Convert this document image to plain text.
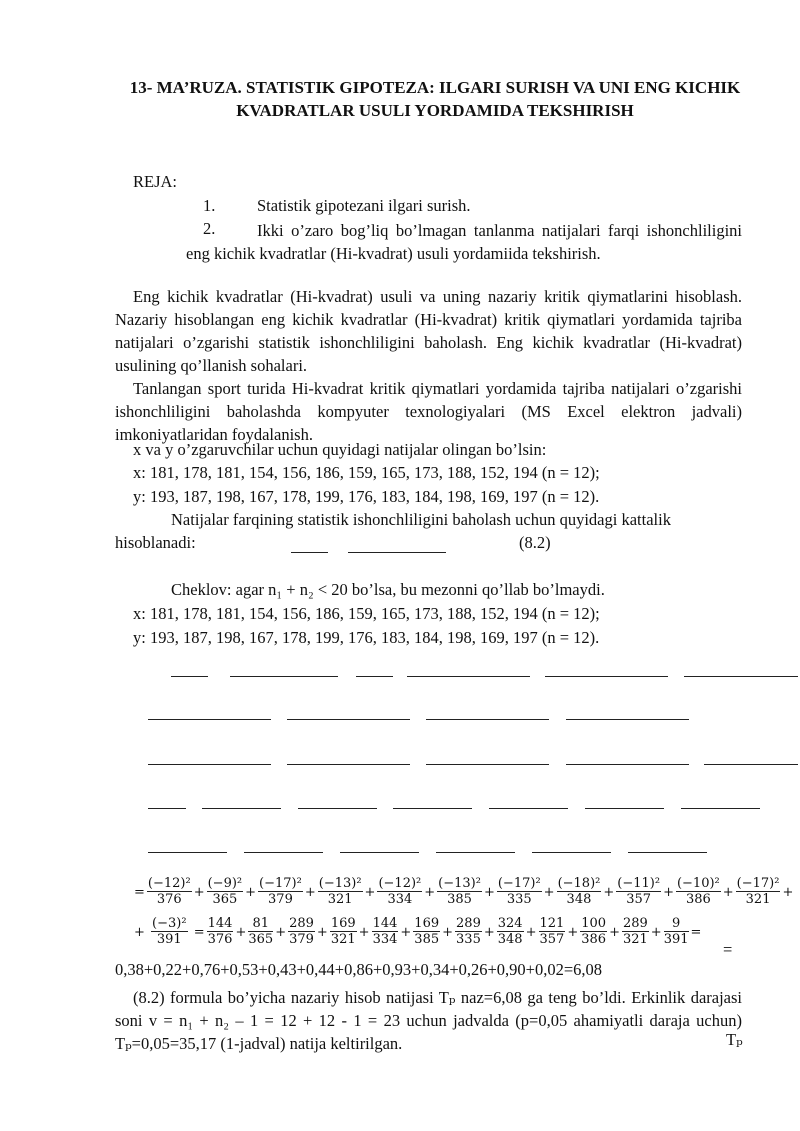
13- MA’RUZA. STATISTIK GIPOTEZA: ILGARI SURISH VA UNI ENG KICHIK KVADRATLAR USULI YORDAMIDA TEKSHIRISH
REJA:
1.	Statistik gipotezani ilgari surish.
2.	Ikki o’zaro bog’liq bo’lmagan tanlanma natijalari farqi ishonchliligini eng kichik kvadratlar (Hi-kvadrat) usuli yordamiida tekshirish.
Eng kichik kvadratlar (Hi-kvadrat) usuli va uning nazariy kritik qiymatlarini hisoblash. Nazariy hisoblangan eng kichik kvadratlar (Hi-kvadrat) kritik qiymatlari yordamida tajriba natijalari o’zgarishi statistik ishonchliligini baholash. Eng kichik kvadratlar (Hi-kvadrat) usulining qo’llanish sohalari.
Tanlangan sport turida Hi-kvadrat kritik qiymatlari yordamida tajriba natijalari o’zgarishi ishonchliligini baholashda kompyuter texnologiyalari (MS Excel elektron jadvali) imkoniyatlaridan foydalanish.
x va y o’zgaruvchilar uchun quyidagi natijalar olingan bo’lsin:
x: 181, 178, 181, 154, 156, 186, 159, 165, 173, 188, 152, 194 (n = 12);
y: 193, 187, 198, 167, 178, 199, 176, 183, 184, 198, 169, 197 (n = 12).
Natijalar farqining statistik ishonchliligini baholash uchun quyidagi kattalik
hisoblanadi:	(8.2)
Cheklov: agar n₁ + n₂ < 20 bo’lsa, bu mezonni qo’llab bo’lmaydi.
x: 181, 178, 181, 154, 156, 186, 159, 165, 173, 188, 152, 194 (n = 12);
y: 193, 187, 198, 167, 178, 199, 176, 183, 184, 198, 169, 197 (n = 12).
= $\frac{\text{(−12)²}}{376} + \frac{\text{(−9)²}}{365} + \frac{\text{(−17)²}}{379} + \frac{\text{(−13)²}}{321} + \frac{\text{(−12)²}}{334} + \frac{\text{(−13)²}}{385} + \frac{\text{(−17)²}}{335} + \frac{\text{(−18)²}}{348} + \frac{\text{(−11)²}}{357} + \frac{\text{(−10)²}}{386} + \frac{\text{(−17)²}}{321}$ +
+ $\frac{\text{(−3)²}}{391} = \frac{144}{376} + \frac{81}{365} + \frac{289}{379} + \frac{169}{321} + \frac{144}{334} + \frac{169}{385} + \frac{289}{335} + \frac{324}{348} + \frac{121}{357} + \frac{100}{386} + \frac{289}{321} + \frac{9}{391}$ =
=
0,38+0,22+0,76+0,53+0,43+0,44+0,86+0,93+0,34+0,26+0,90+0,02=6,08
(8.2) formula bo’yicha nazariy hisob natijasi Tₚ naz=6,08 ga teng bo’ldi. Erkinlik darajasi soni v = n₁ + n₂ – 1 = 12 + 12 - 1 = 23 uchun jadvalda (p=0,05 ahamiyatli daraja uchun) Tₚ=0,05=35,17 (1-jadval) natija keltirilgan.	Tₚ
